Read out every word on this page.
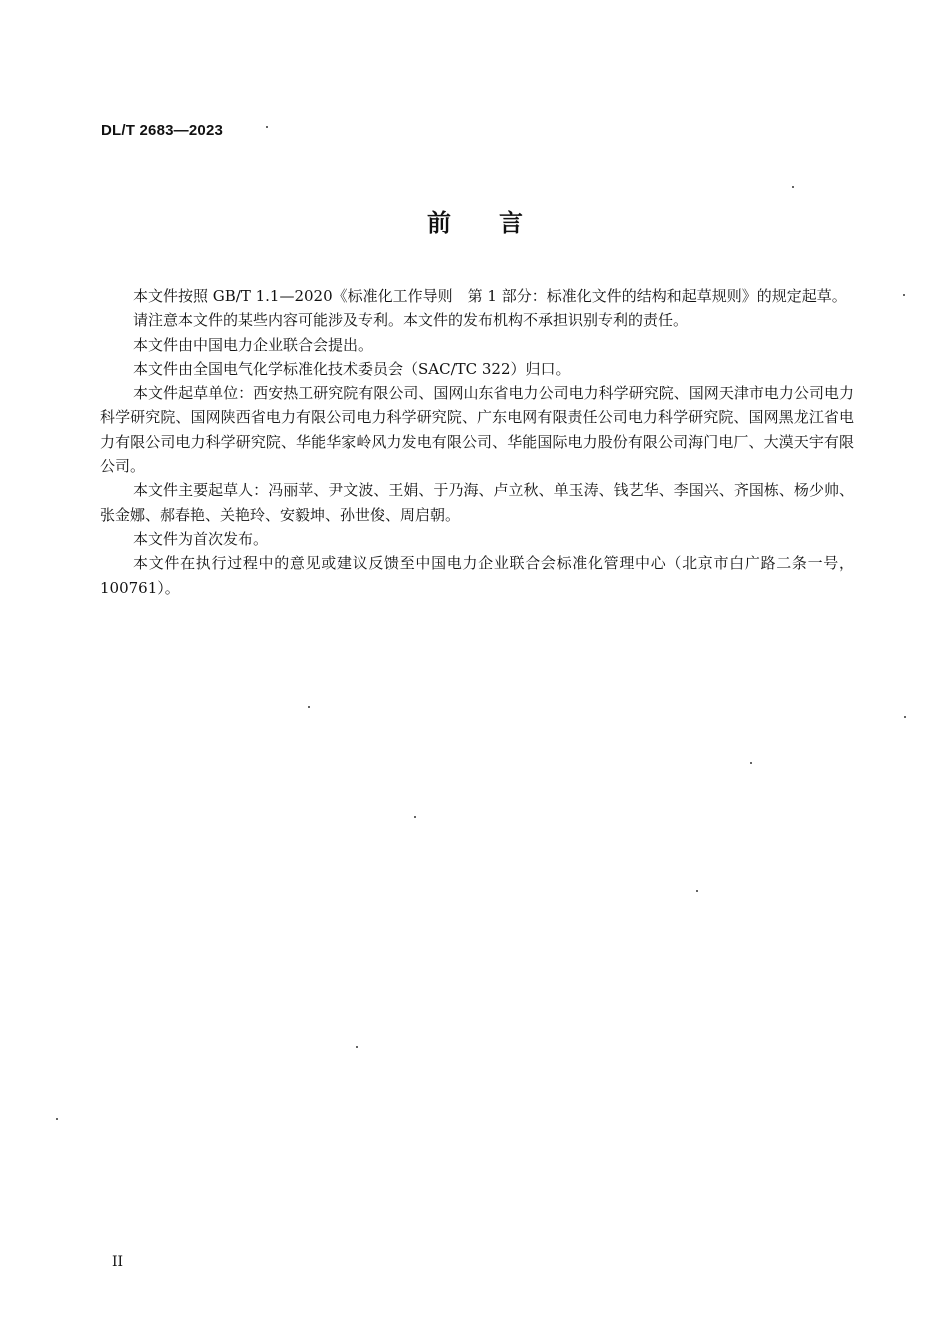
DL/T 2683—2023
前言

本文件按照 GB/T 1.1—2020《标准化工作导则　第 1 部分：标准化文件的结构和起草规则》的规定起草。

请注意本文件的某些内容可能涉及专利。本文件的发布机构不承担识别专利的责任。

本文件由中国电力企业联合会提出。

本文件由全国电气化学标准化技术委员会（SAC/TC 322）归口。

本文件起草单位：西安热工研究院有限公司、国网山东省电力公司电力科学研究院、国网天津市电力公司电力科学研究院、国网陕西省电力有限公司电力科学研究院、广东电网有限责任公司电力科学研究院、国网黑龙江省电力有限公司电力科学研究院、华能华家岭风力发电有限公司、华能国际电力股份有限公司海门电厂、大漠天宇有限公司。

本文件主要起草人：冯丽苹、尹文波、王娟、于乃海、卢立秋、单玉涛、钱艺华、李国兴、齐国栋、杨少帅、张金娜、郝春艳、关艳玲、安毅坤、孙世俊、周启朝。

本文件为首次发布。

本文件在执行过程中的意见或建议反馈至中国电力企业联合会标准化管理中心（北京市白广路二条一号，100761）。

II
